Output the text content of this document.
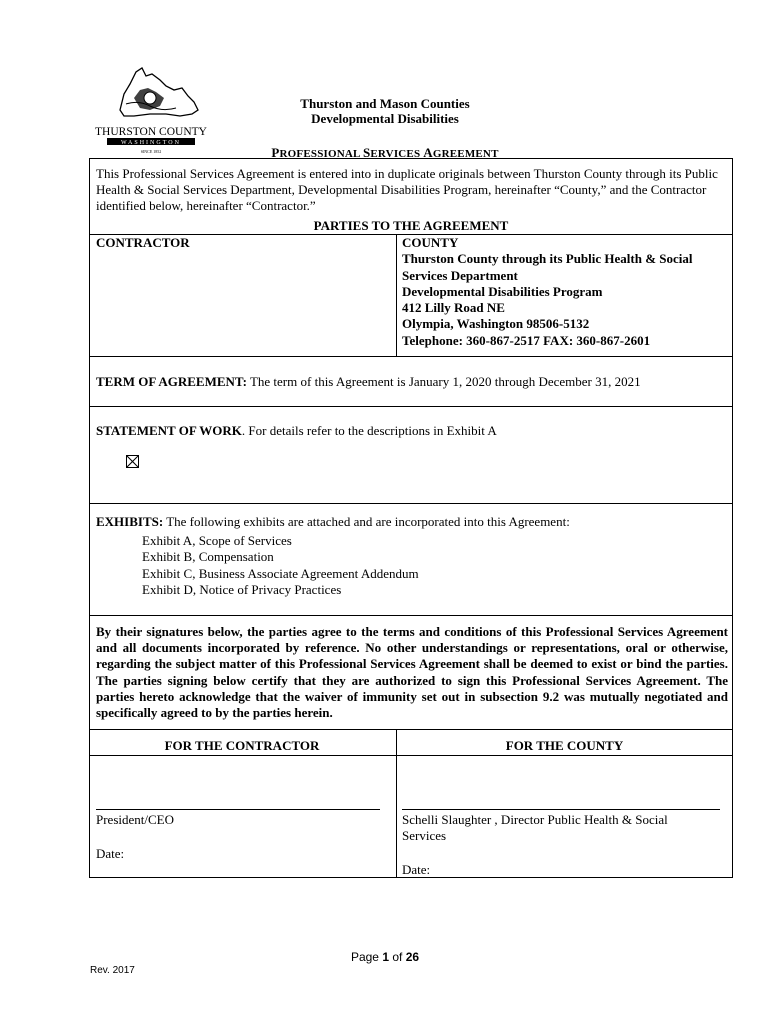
THURSTON COUNTY
WASHINGTON
SINCE 1852
Thurston and Mason Counties
Developmental Disabilities
PROFESSIONAL SERVICES AGREEMENT
This Professional Services Agreement is entered into in duplicate originals between Thurston County through its Public Health & Social Services Department, Developmental Disabilities Program, hereinafter “County,” and the Contractor identified below, hereinafter “Contractor.”
PARTIES TO THE AGREEMENT
CONTRACTOR	COUNTY
Thurston County through its Public Health & Social
Services Department
Developmental Disabilities Program
412 Lilly Road NE
Olympia, Washington 98506-5132
Telephone: 360-867-2517 FAX: 360-867-2601
TERM OF AGREEMENT: The term of this Agreement is January 1, 2020 through December 31, 2021
STATEMENT OF WORK. For details refer to the descriptions in Exhibit A
EXHIBITS: The following exhibits are attached and are incorporated into this Agreement:
Exhibit A, Scope of Services
Exhibit B, Compensation
Exhibit C, Business Associate Agreement Addendum
Exhibit D, Notice of Privacy Practices
By their signatures below, the parties agree to the terms and conditions of this Professional Services Agreement and all documents incorporated by reference. No other understandings or representations, oral or otherwise, regarding the subject matter of this Professional Services Agreement shall be deemed to exist or bind the parties. The parties signing below certify that they are authorized to sign this Professional Services Agreement. The parties hereto acknowledge that the waiver of immunity set out in subsection 9.2 was mutually negotiated and specifically agreed to by the parties herein.
FOR THE CONTRACTOR	FOR THE COUNTY
President/CEO
Date:
Schelli Slaughter , Director Public Health & Social Services
Date:
Page 1 of 26
Rev. 2017
